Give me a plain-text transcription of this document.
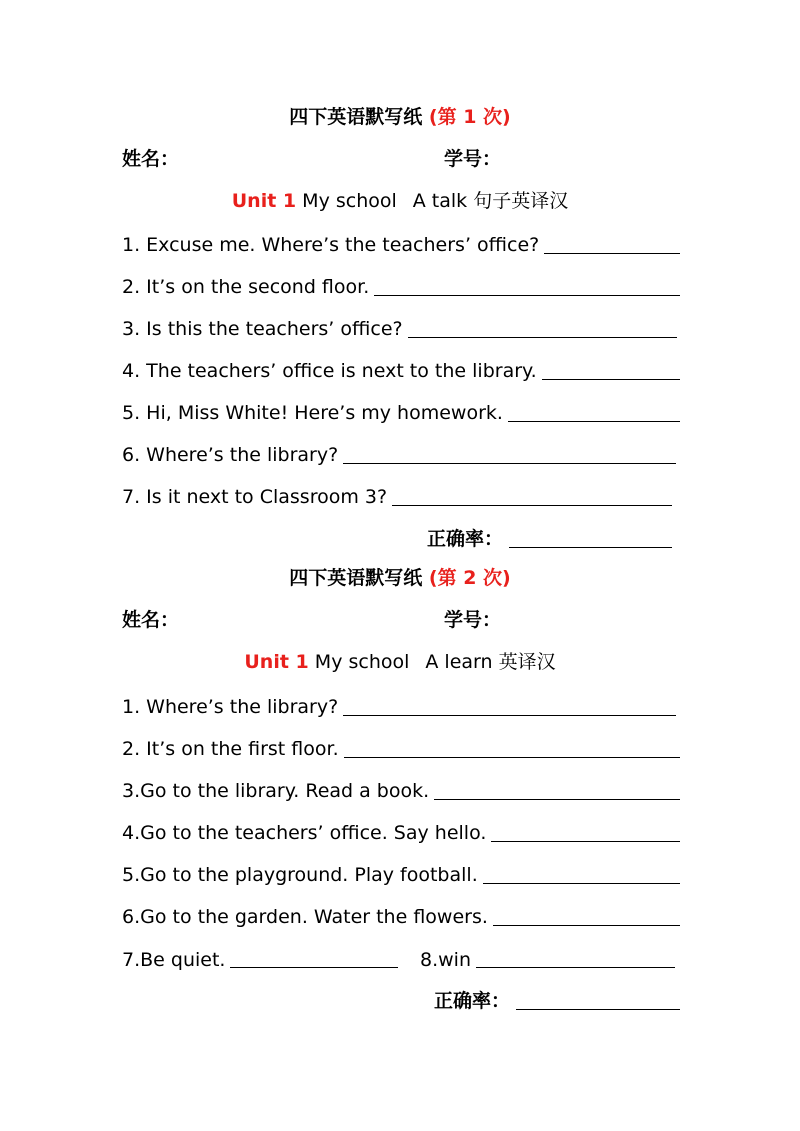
四下英语默写纸 (第 1 次)
姓名：	学号：
Unit 1 My school A talk 句子英译汉
1. Excuse me. Where’s the teachers’ office?
2. It’s on the second floor.
3. Is this the teachers’ office?
4. The teachers’ office is next to the library.
5. Hi, Miss White! Here’s my homework.
6. Where’s the library?
7. Is it next to Classroom 3?
正确率：
四下英语默写纸 (第 2 次)
姓名：	学号：
Unit 1 My school A learn 英译汉
1. Where’s the library?
2. It’s on the first floor.
3.Go to the library. Read a book.
4.Go to the teachers’ office. Say hello.
5.Go to the playground. Play football.
6.Go to the garden. Water the flowers.
7.Be quiet.	8.win
正确率：
